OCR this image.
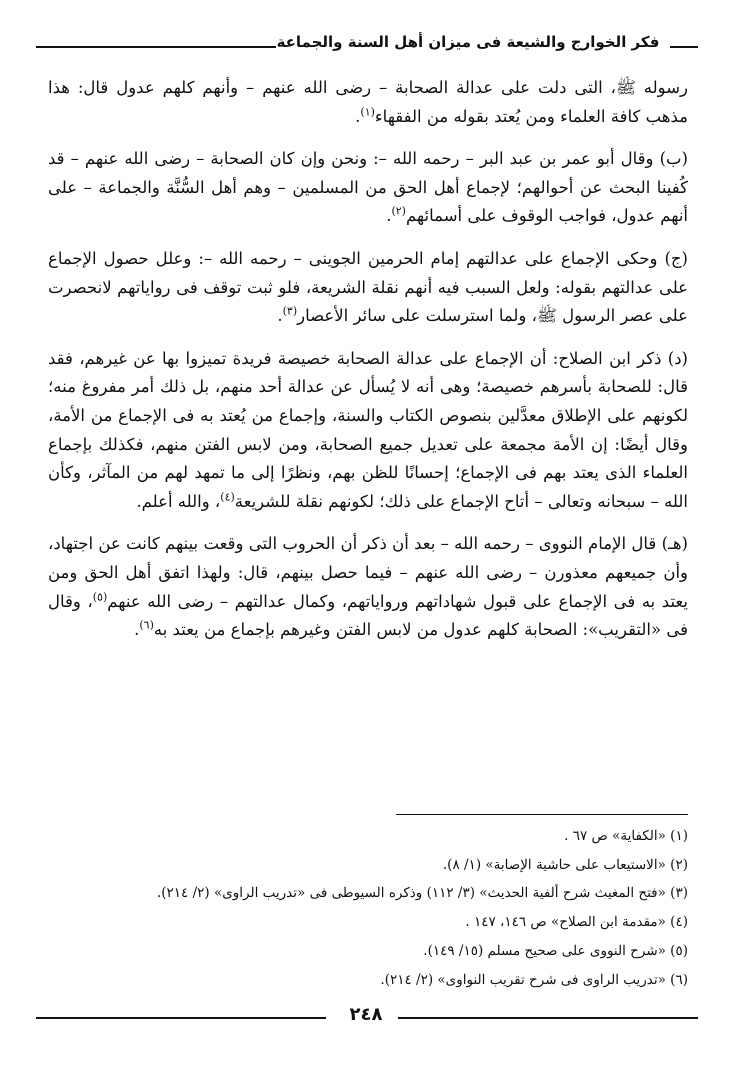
فكر الخوارج والشيعة فى ميزان أهل السنة والجماعة

رسوله ﷺ، التى دلت على عدالة الصحابة – رضى الله عنهم – وأنهم كلهم عدول قال: هذا مذهب كافة العلماء ومن يُعتد بقوله من الفقهاء$^{(١)}$.

(ب) وقال أبو عمر بن عبد البر – رحمه الله –: ونحن وإن كان الصحابة – رضى الله عنهم – قد كُفينا البحث عن أحوالهم؛ لإجماع أهل الحق من المسلمين – وهم أهل السُّنَّة والجماعة – على أنهم عدول، فواجب الوقوف على أسمائهم$^{(٢)}$.

(ج) وحكى الإجماع على عدالتهم إمام الحرمين الجوينى – رحمه الله –: وعلل حصول الإجماع على عدالتهم بقوله: ولعل السبب فيه أنهم نقلة الشريعة، فلو ثبت توقف فى رواياتهم لانحصرت على عصر الرسول ﷺ، ولما استرسلت على سائر الأعصار$^{(٣)}$.

(د) ذكر ابن الصلاح: أن الإجماع على عدالة الصحابة خصيصة فريدة تميزوا بها عن غيرهم، فقد قال: للصحابة بأسرهم خصيصة؛ وهى أنه لا يُسأل عن عدالة أحد منهم، بل ذلك أمر مفروغ منه؛ لكونهم على الإطلاق معدَّلين بنصوص الكتاب والسنة، وإجماع من يُعتد به فى الإجماع من الأمة، وقال أيضًا: إن الأمة مجمعة على تعديل جميع الصحابة، ومن لابس الفتن منهم، فكذلك بإجماع العلماء الذى يعتد بهم فى الإجماع؛ إحسانًا للظن بهم، ونظرًا إلى ما تمهد لهم من المآثر، وكأن الله – سبحانه وتعالى – أتاح الإجماع على ذلك؛ لكونهم نقلة للشريعة$^{(٤)}$، والله أعلم.

(هـ) قال الإمام النووى – رحمه الله – بعد أن ذكر أن الحروب التى وقعت بينهم كانت عن اجتهاد، وأن جميعهم معذورن – رضى الله عنهم – فيما حصل بينهم، قال: ولهذا اتفق أهل الحق ومن يعتد به فى الإجماع على قبول شهاداتهم ورواياتهم، وكمال عدالتهم – رضى الله عنهم$^{(٥)}$، وقال فى «التقريب»: الصحابة كلهم عدول من لابس الفتن وغيرهم بإجماع من يعتد به$^{(٦)}$.

(١) «الكفاية» ص ٦٧ .
(٢) «الاستيعاب على حاشية الإصابة» (١/ ٨).
(٣) «فتح المغيث شرح ألفية الحديث» (٣/ ١١٢) وذكره السيوطى فى «تدريب الراوى» (٢/ ٢١٤).
(٤) «مقدمة ابن الصلاح» ص ١٤٦، ١٤٧ .
(٥) «شرح النووى على صحيح مسلم (١٥/ ١٤٩).
(٦) «تدريب الراوى فى شرح تقريب النواوى» (٢/ ٢١٤).
٢٤٨
